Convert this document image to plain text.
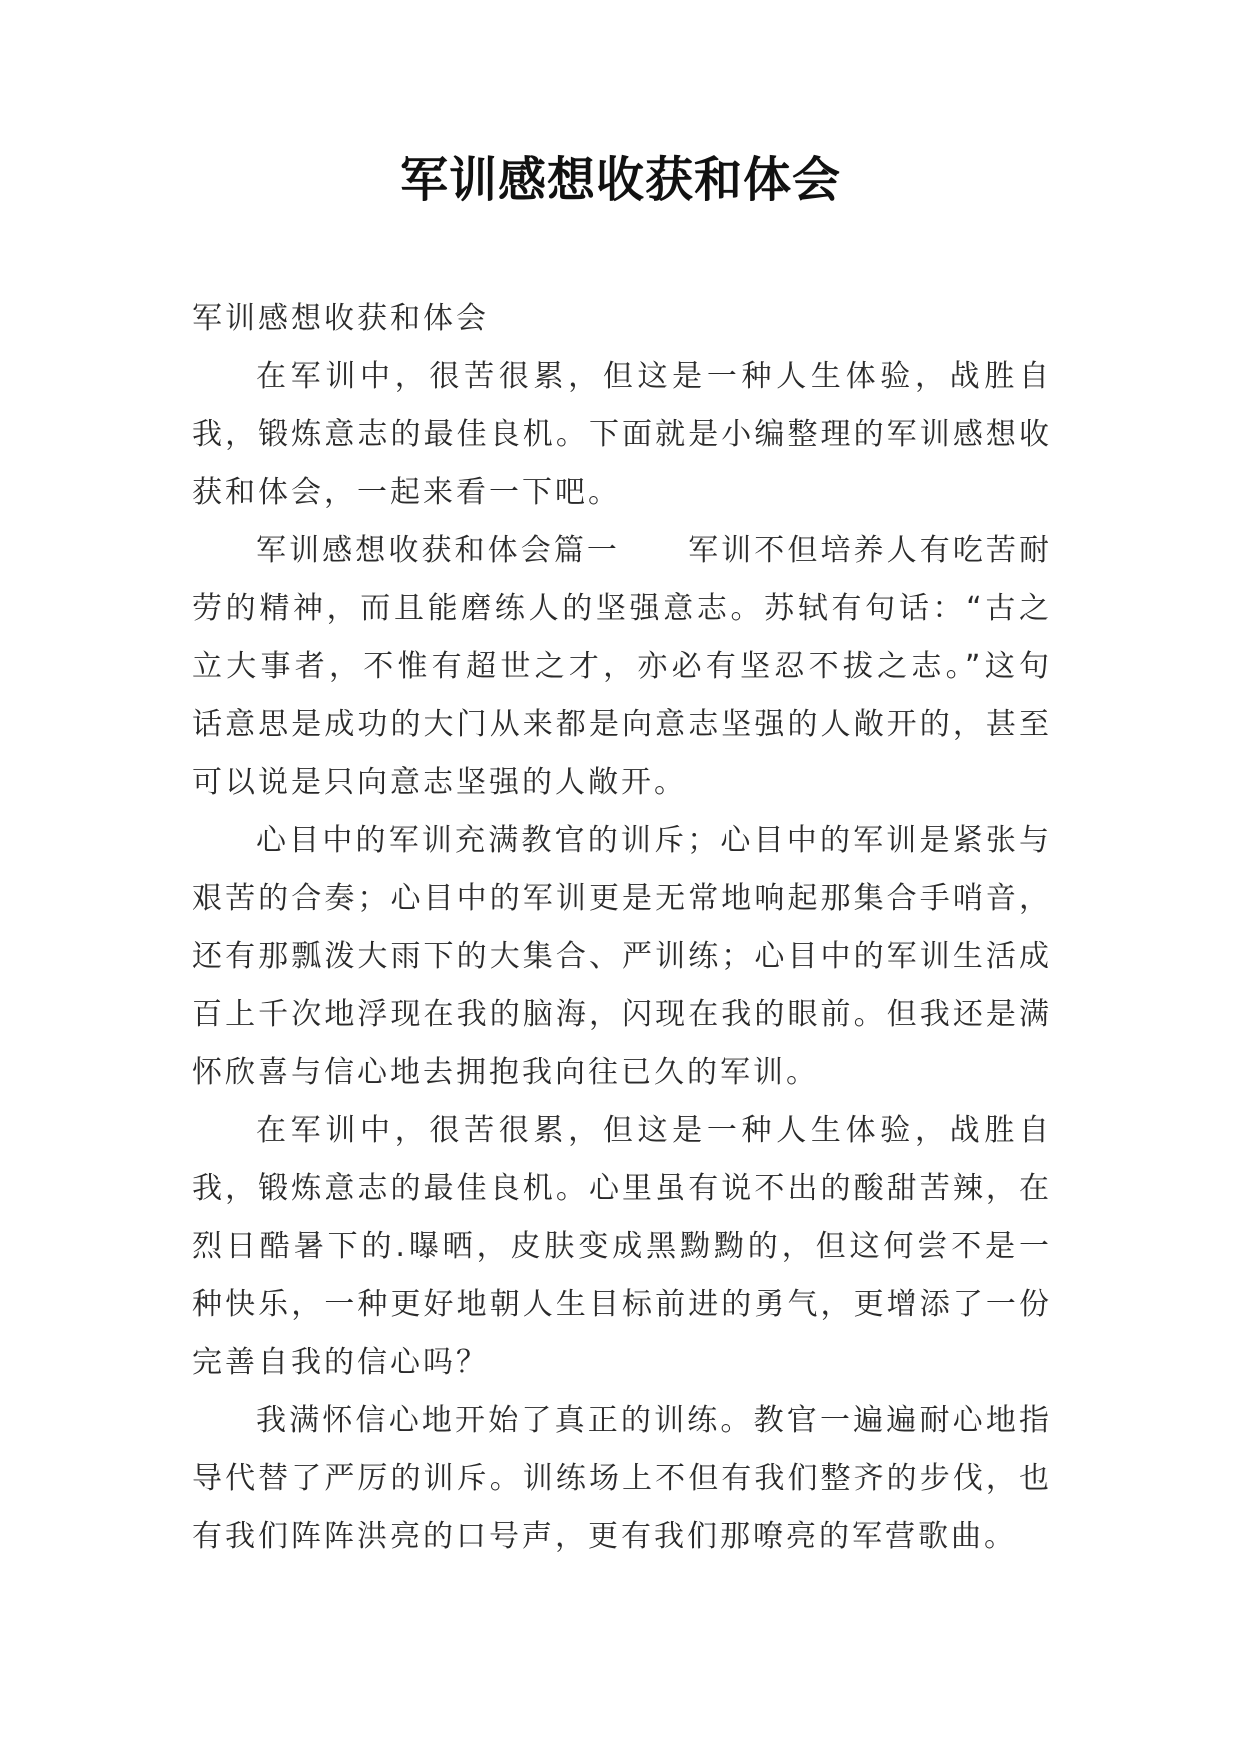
军训感想收获和体会

军训感想收获和体会

在军训中，很苦很累，但这是一种人生体验，战胜自我，锻炼意志的最佳良机。下面就是小编整理的军训感想收获和体会，一起来看一下吧。

军训感想收获和体会篇一 军训不但培养人有吃苦耐劳的精神，而且能磨练人的坚强意志。苏轼有句话：“古之立大事者，不惟有超世之才，亦必有坚忍不拔之志。”这句话意思是成功的大门从来都是向意志坚强的人敞开的，甚至可以说是只向意志坚强的人敞开。

心目中的军训充满教官的训斥；心目中的军训是紧张与艰苦的合奏；心目中的军训更是无常地响起那集合手哨音，还有那瓢泼大雨下的大集合、严训练；心目中的军训生活成百上千次地浮现在我的脑海，闪现在我的眼前。但我还是满怀欣喜与信心地去拥抱我向往已久的军训。

在军训中，很苦很累，但这是一种人生体验，战胜自我，锻炼意志的最佳良机。心里虽有说不出的酸甜苦辣，在烈日酷暑下的.曝晒，皮肤变成黑黝黝的，但这何尝不是一种快乐，一种更好地朝人生目标前进的勇气，更增添了一份完善自我的信心吗？

我满怀信心地开始了真正的训练。教官一遍遍耐心地指导代替了严厉的训斥。训练场上不但有我们整齐的步伐，也有我们阵阵洪亮的口号声，更有我们那嘹亮的军营歌曲。
